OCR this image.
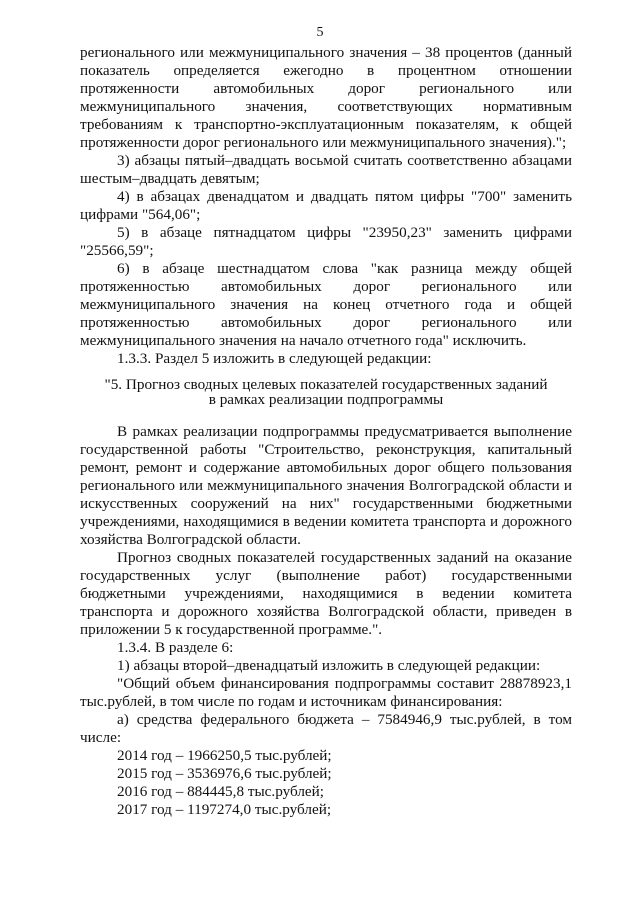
5

регионального или межмуниципального значения – 38 процентов (данный показатель определяется ежегодно в процентном отношении протяженности автомобильных дорог регионального или межмуниципального значения, соответствующих нормативным требованиям к транспортно-эксплуатационным показателям, к общей протяженности дорог регионального или межмуниципального значения).";

3) абзацы пятый–двадцать восьмой считать соответственно абзацами шестым–двадцать девятым;

4) в абзацах двенадцатом и двадцать пятом цифры "700" заменить цифрами "564,06";

5) в абзаце пятнадцатом цифры "23950,23" заменить цифрами "25566,59";

6) в абзаце шестнадцатом слова "как разница между общей протяженностью автомобильных дорог регионального или межмуниципального значения на конец отчетного года и общей протяженностью автомобильных дорог регионального или межмуниципального значения на начало отчетного года" исключить.

1.3.3. Раздел 5 изложить в следующей редакции:

"5. Прогноз сводных целевых показателей государственных заданий
в рамках реализации подпрограммы

В рамках реализации подпрограммы предусматривается выполнение государственной работы "Строительство, реконструкция, капитальный ремонт, ремонт и содержание автомобильных дорог общего пользования регионального или межмуниципального значения Волгоградской области и искусственных сооружений на них" государственными бюджетными учреждениями, находящимися в ведении комитета транспорта и дорожного хозяйства Волгоградской области.

Прогноз сводных показателей государственных заданий на оказание государственных услуг (выполнение работ) государственными бюджетными учреждениями, находящимися в ведении комитета транспорта и дорожного хозяйства Волгоградской области, приведен в приложении 5 к государственной программе.".

1.3.4. В разделе 6:

1) абзацы второй–двенадцатый изложить в следующей редакции:

"Общий объем финансирования подпрограммы составит 28878923,1 тыс.рублей, в том числе по годам и источникам финансирования:

а) средства федерального бюджета – 7584946,9 тыс.рублей, в том числе:

2014 год – 1966250,5 тыс.рублей;

2015 год – 3536976,6 тыс.рублей;

2016 год – 884445,8 тыс.рублей;

2017 год – 1197274,0 тыс.рублей;
